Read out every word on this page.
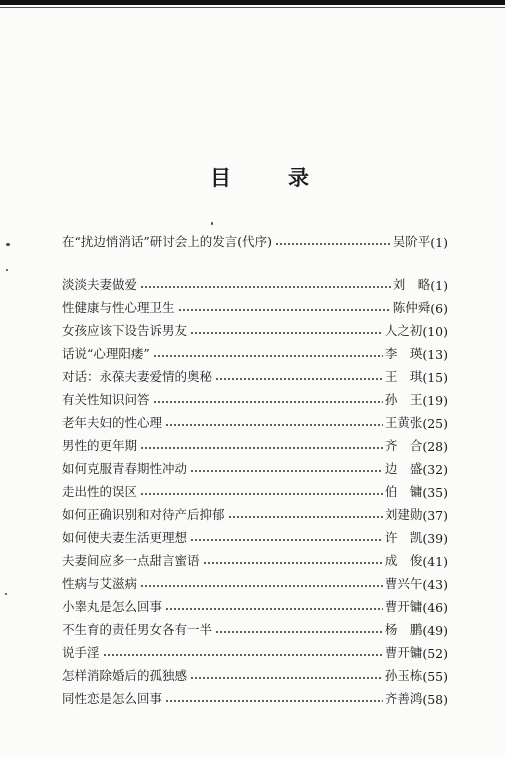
目	录
在“扰边悄消话”研讨会上的发言(代序)	吴阶平 (1)
淡淡夫妻做爱	刘　略 (1)
性健康与性心理卫生	陈仲舜 (6)
女孩应该下设告诉男友	人之初 (10)
话说“心理阳痿”	李　瑛 (13)
对话：永葆夫妻爱情的奥秘	王　琪 (15)
有关性知识问答	孙　王 (19)
老年夫妇的性心理	王黄张 (25)
男性的更年期	齐　合 (28)
如何克服青春期性冲动	边　盛 (32)
走出性的误区	伯　镛 (35)
如何正确识别和对待产后抑郁	刘建勋 (37)
如何使夫妻生活更理想	许　凯 (39)
夫妻间应多一点甜言蜜语	成　俊 (41)
性病与艾滋病	曹兴午 (43)
小睾丸是怎么回事	曹开镛 (46)
不生育的责任男女各有一半	杨　鹏 (49)
说手淫	曹开镛 (52)
怎样消除婚后的孤独感	孙玉栋 (55)
同性恋是怎么回事	齐善鸿 (58)
